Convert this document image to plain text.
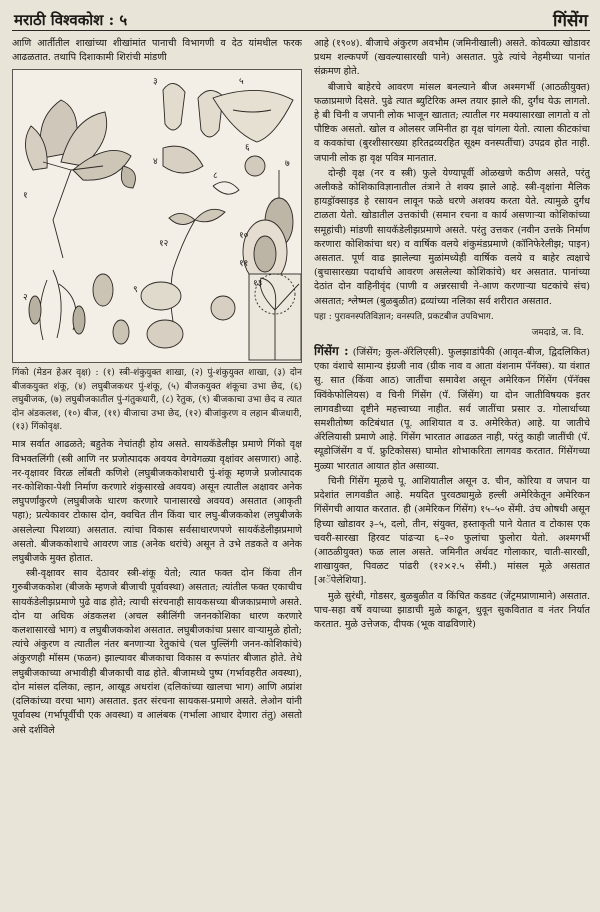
मराठी विश्वकोश : ५	गिंसेंग

आणि आर्तीतील शाखांच्या शीखांमांत पानाची विभागणी व देठ यांमधील फरक आढळतात. तथापि दिशाकामी शिरांची मांडणी

१
२
३
४
५
६
७
८
९
१०
११
१२
१३
गिंको (मेडन हेअर वृक्ष) : (१) स्त्री-शंकुयुक्त शाखा, (२) पुं-शंकुयुक्त शाखा, (३) दोन बीजकयुक्त शंकू, (४) लघुबीजकधर पुं-शंकू, (५) बीजकयुक्त शंकूचा उभा छेद, (६) लघुबीजक, (७) लघुबीजकातील पुं-गंतुकधारी, (८) रेतुक, (९) बीजकाचा उभा छेद व त्यात दोन अंडकलश, (१०) बीज, (११) बीजाचा उभा छेद, (१२) बीजांकुरण व लहान बीजधारी, (१३) गिंकोवृक्ष.

मात्र सर्वात आढळते; बहुतेक नेचांतही होय असते. सायकॅडेलीझ प्रमाणे गिंको वृक्ष विभक्तलिंगी (स्त्री आणि नर प्रजोत्पादक अवयव वेगवेगळ्या वृक्षांवर असणारा) आहे. नर-वृक्षावर विरळ लोंबती कणिशे (लघुबीजककोशधारी पुं-शंकू म्हणजे प्रजोत्पादक नर-कोशिका-पेशी निर्माण करणारे शंकुसारखे अवयव) असून त्यातील अक्षावर अनेक लघुपर्णांकुरणे (लघुबीजके धारण करणारे पानासारखे अवयव) असतात (आकृती पहा); प्रत्येकावर टोकास दोन, क्वचित तीन किंवा चार लघु-बीजककोश (लघुबीजके असलेल्या पिशव्या) असतात. त्यांचा विकास सर्वसाधारणपणे सायकॅडेलीझप्रमाणे असतो. बीजककोशाचे आवरण जाड (अनेक थरांचे) असून ते उभे तडकते व अनेक लघुबीजके मुक्त होतात.

स्त्री-वृक्षावर साव देठावर स्त्री-शंकू येतो; त्यात फक्त दोन किंवा तीन गुरुबीजककोश (बीजके म्हणजे बीजाची पूर्वावस्था) असतात; त्यांतील फक्त एकाचीच सायकॅडेलीझप्रमाणे पुढे वाढ होते; त्याची संरचनाही सायकसच्या बीजकाप्रमाणे असते. दोन या अधिक अंडकलश (अचल स्त्रीलिंगी जननकोशिका धारण करणारे कलशासारखे भाग) व लघुबीजककोश असतात. लघुबीजकांचा प्रसार वाऱ्यामुळे होतो; त्यांचे अंकुरण व त्यातील नंतर बनणाऱ्या रेतुकांचे (चल पुल्लिंगी जनन-कोशिकांचे) अंकुरणही मॉसम (फळन) झाल्यावर बीजकाचा विकास व रूपांतर बीजात होते. तेथे लघुबीजकाच्या अभावीही बीजकाची वाढ होते. बीजामध्ये पुष्प (गर्भावहरीत अवस्था), दोन मांसल दलिका, ल्हान, आखूड अधरांश (दलिकांच्या खालचा भाग) आणि अप्रांश (दलिकांच्या वरचा भाग) असतात. इतर संरचना सायकस-प्रमाणे असते. लेओन यांनी पूर्वावस्थ (गर्भापूर्वीची एक अवस्था) व आलंबक (गर्भाला आधार देणारा तंतु) असतो असे दर्शविले

आहे (१९०४). बीजाचे अंकुरण अवभौम (जमिनीखाली) असते. कोवळ्या खोडावर प्रथम शल्कपर्णे (खवल्यासारखी पाने) असतात. पुढे त्यांचे नेहमीच्या पानांत संक्रमण होते.

बीजाचे बाहेरचे आवरण मांसल बनल्याने बीज अश्मगर्भी (आठळीयुक्त) फळाप्रमाणे दिसते. पुढे त्यात ब्युटिरिक अम्ल तयार झाले की, दुर्गंध येऊ लागतो. हे बी चिनी व जपानी लोक भाजून खातात; त्यातील गर मक्यासारखा लागतो व तो पौष्टिक असतो. खोल व ओलसर जमिनीत हा वृक्ष चांगला येतो. त्याला कीटकांचा व कवकांचा (बुरशीसारख्या हरितद्रव्यरहित सूक्ष्म वनस्पतींचा) उपद्रव होत नाही. जपानी लोक हा वृक्ष पवित्र मानतात.

दोन्ही वृक्ष (नर व स्त्री) फुले येण्यापूर्वी ओळखणे कठीण असते, परंतु अलीकडे कोशिकाविज्ञानातील तंत्राने ते शक्य झाले आहे. स्त्री-वृक्षांना मैलिक हायड्रॉक्साइड हे रसायन लावून फळे धरणे अशक्य करता येते. त्यामुळे दुर्गंध टाळता येतो. खोडातील उत्तकांची (समान रचना व कार्य असणाऱ्या कोशिकांच्या समूहांची) मांडणी सायकॅडेलीझप्रमाणे असते. परंतु उत्तकर (नवीन उत्तके निर्माण करणारा कोशिकांचा थर) व वार्षिक वलये शंकुमंडप्रमाणे (कॉनिफेरेलीझ; पाइन) असतात. पूर्ण वाढ झालेल्या मुळांमध्येही वार्षिक वलये व बाहेर त्वक्षाचे (बुचासारख्या पदार्थाचे आवरण असलेल्या कोशिकांचे) थर असतात. पानांच्या देठांत दोन वाहिनीवृंद (पाणी व अन्नरसाची ने-आण करणाऱ्या घटकांचे संच) असतात; श्लेष्मल (बुळबुळीत) द्रव्यांच्या नलिका सर्व शरीरात असतात.

पहा : पुरावनस्पतिविज्ञान; वनस्पति, प्रकटबीज उपविभाग.
जमदाडे, ज. वि.

गिंसेंग : (जिंसेंग; कुल-ॲरेलिएसी). फुलझाडांपैकी (आवृत-बीज, द्विदलिकित) एका वंशाचे सामान्य इंग्रजी नाव (ग्रीक नाव व आता वंशनाम पॅनॅक्स). या वंशात सु. सात (किंवा आठ) जातींचा समावेश असून अमेरिकन गिंसेंग (पॅनॅक्स क्विंकेफोलियस) व चिनी गिंसेंग (पॅ. जिंसेंग) या दोन जातीविषयक इतर लागवडीच्या दृष्टीने महत्त्वाच्या नाहीत. सर्व जातींचा प्रसार उ. गोलार्धाच्या समशीतोष्ण कटिबंधात (पू. आशियात व उ. अमेरिकेत) आहे. या जातीचे ॲरेलियासी प्रमाणे आहे. गिंसेंग भारतात आढळत नाही, परंतु काही जातींची (पॅ. स्यूडोजिंसेंग व पॅ. फ्रुटिकोसस) घामोत शोभाकरिता लागवड करतात. गिंसेंगच्या मुळ्या भारतात आयात होत असाव्या.

चिनी गिंसेंग मूळचे पू. आशियातील असून उ. चीन, कोरिया व जपान या प्रदेशांत लागवडीत आहे. मयदित पुरवठ्यामुळे हल्ली अमेरिकेतून अमेरिकन गिंसेंगची आयात करतात. ही (अमेरिकन गिंसेंग) १५–५० सेंमी. उंच ओषधी असून हिच्या खोडावर ३–५, दलो, तीन, संयुक्त, हस्ताकृती पाने येतात व टोकास एक चवरी-सारखा हिरवट पांढऱ्या ६–२० फुलांचा फुलोरा येतो. अश्मगर्भी (आठळीयुक्त) फळ लाल असते. जमिनीत अर्धवट गोलाकार, चाती-सारखी, शाखायुक्त, पिवळट पांढरी (१२×२.५ सेंमी.) मांसल मूळे असतात [अॅपेलेशिया].

मुळे सुरंधी, गोडसर, बुळबुळीत व किंचित कडवट (जेंट्रमप्राणामाने) असतात. पाच-सहा वर्षे वयाच्या झाडाची मुळे काढून, धुवून सुकवितात व नंतर निर्यात करतात. मुळे उत्तेजक, दीपक (भूक वाढविणारे)
